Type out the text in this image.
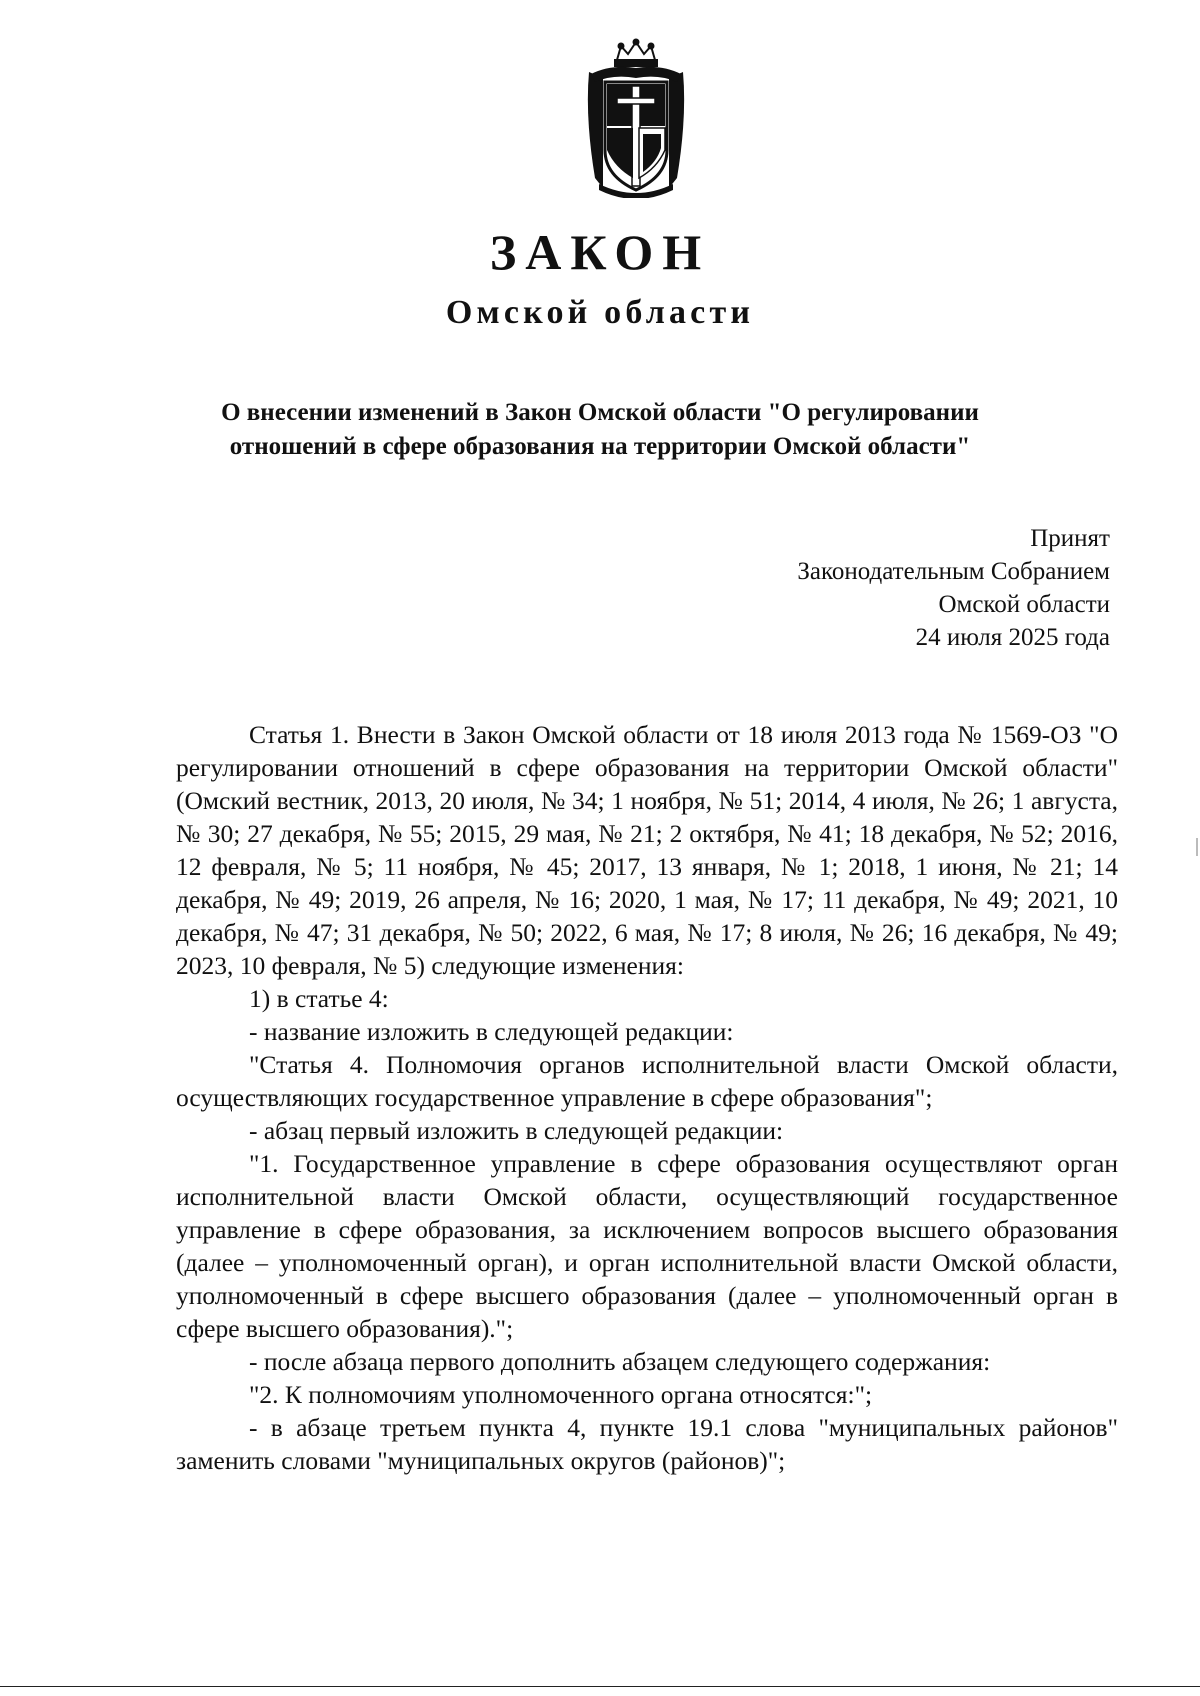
ЗАКОН
Омской области
О внесении изменений в Закон Омской области "О регулировании
отношений в сфере образования на территории Омской области"
Принят
Законодательным Собранием
Омской области
24 июля 2025 года

Статья 1. Внести в Закон Омской области от 18 июля 2013 года № 1569-ОЗ "О регулировании отношений в сфере образования на территории Омской области" (Омский вестник, 2013, 20 июля, № 34; 1 ноября, № 51; 2014, 4 июля, № 26; 1 августа, № 30; 27 декабря, № 55; 2015, 29 мая, № 21; 2 октября, № 41; 18 декабря, № 52; 2016, 12 февраля, № 5; 11 ноября, № 45; 2017, 13 января, № 1; 2018, 1 июня, № 21; 14 декабря, № 49; 2019, 26 апреля, № 16; 2020, 1 мая, № 17; 11 декабря, № 49; 2021, 10 декабря, № 47; 31 декабря, № 50; 2022, 6 мая, № 17; 8 июля, № 26; 16 декабря, № 49; 2023, 10 февраля, № 5) следующие изменения:

1) в статье 4:

- название изложить в следующей редакции:

"Статья 4. Полномочия органов исполнительной власти Омской области, осуществляющих государственное управление в сфере образования";

- абзац первый изложить в следующей редакции:

"1. Государственное управление в сфере образования осуществляют орган исполнительной власти Омской области, осуществляющий государственное управление в сфере образования, за исключением вопросов высшего образования (далее – уполномоченный орган), и орган исполнительной власти Омской области, уполномоченный в сфере высшего образования (далее – уполномоченный орган в сфере высшего образования).";

- после абзаца первого дополнить абзацем следующего содержания:

"2. К полномочиям уполномоченного органа относятся:";

- в абзаце третьем пункта 4, пункте 19.1 слова "муниципальных районов" заменить словами "муниципальных округов (районов)";
